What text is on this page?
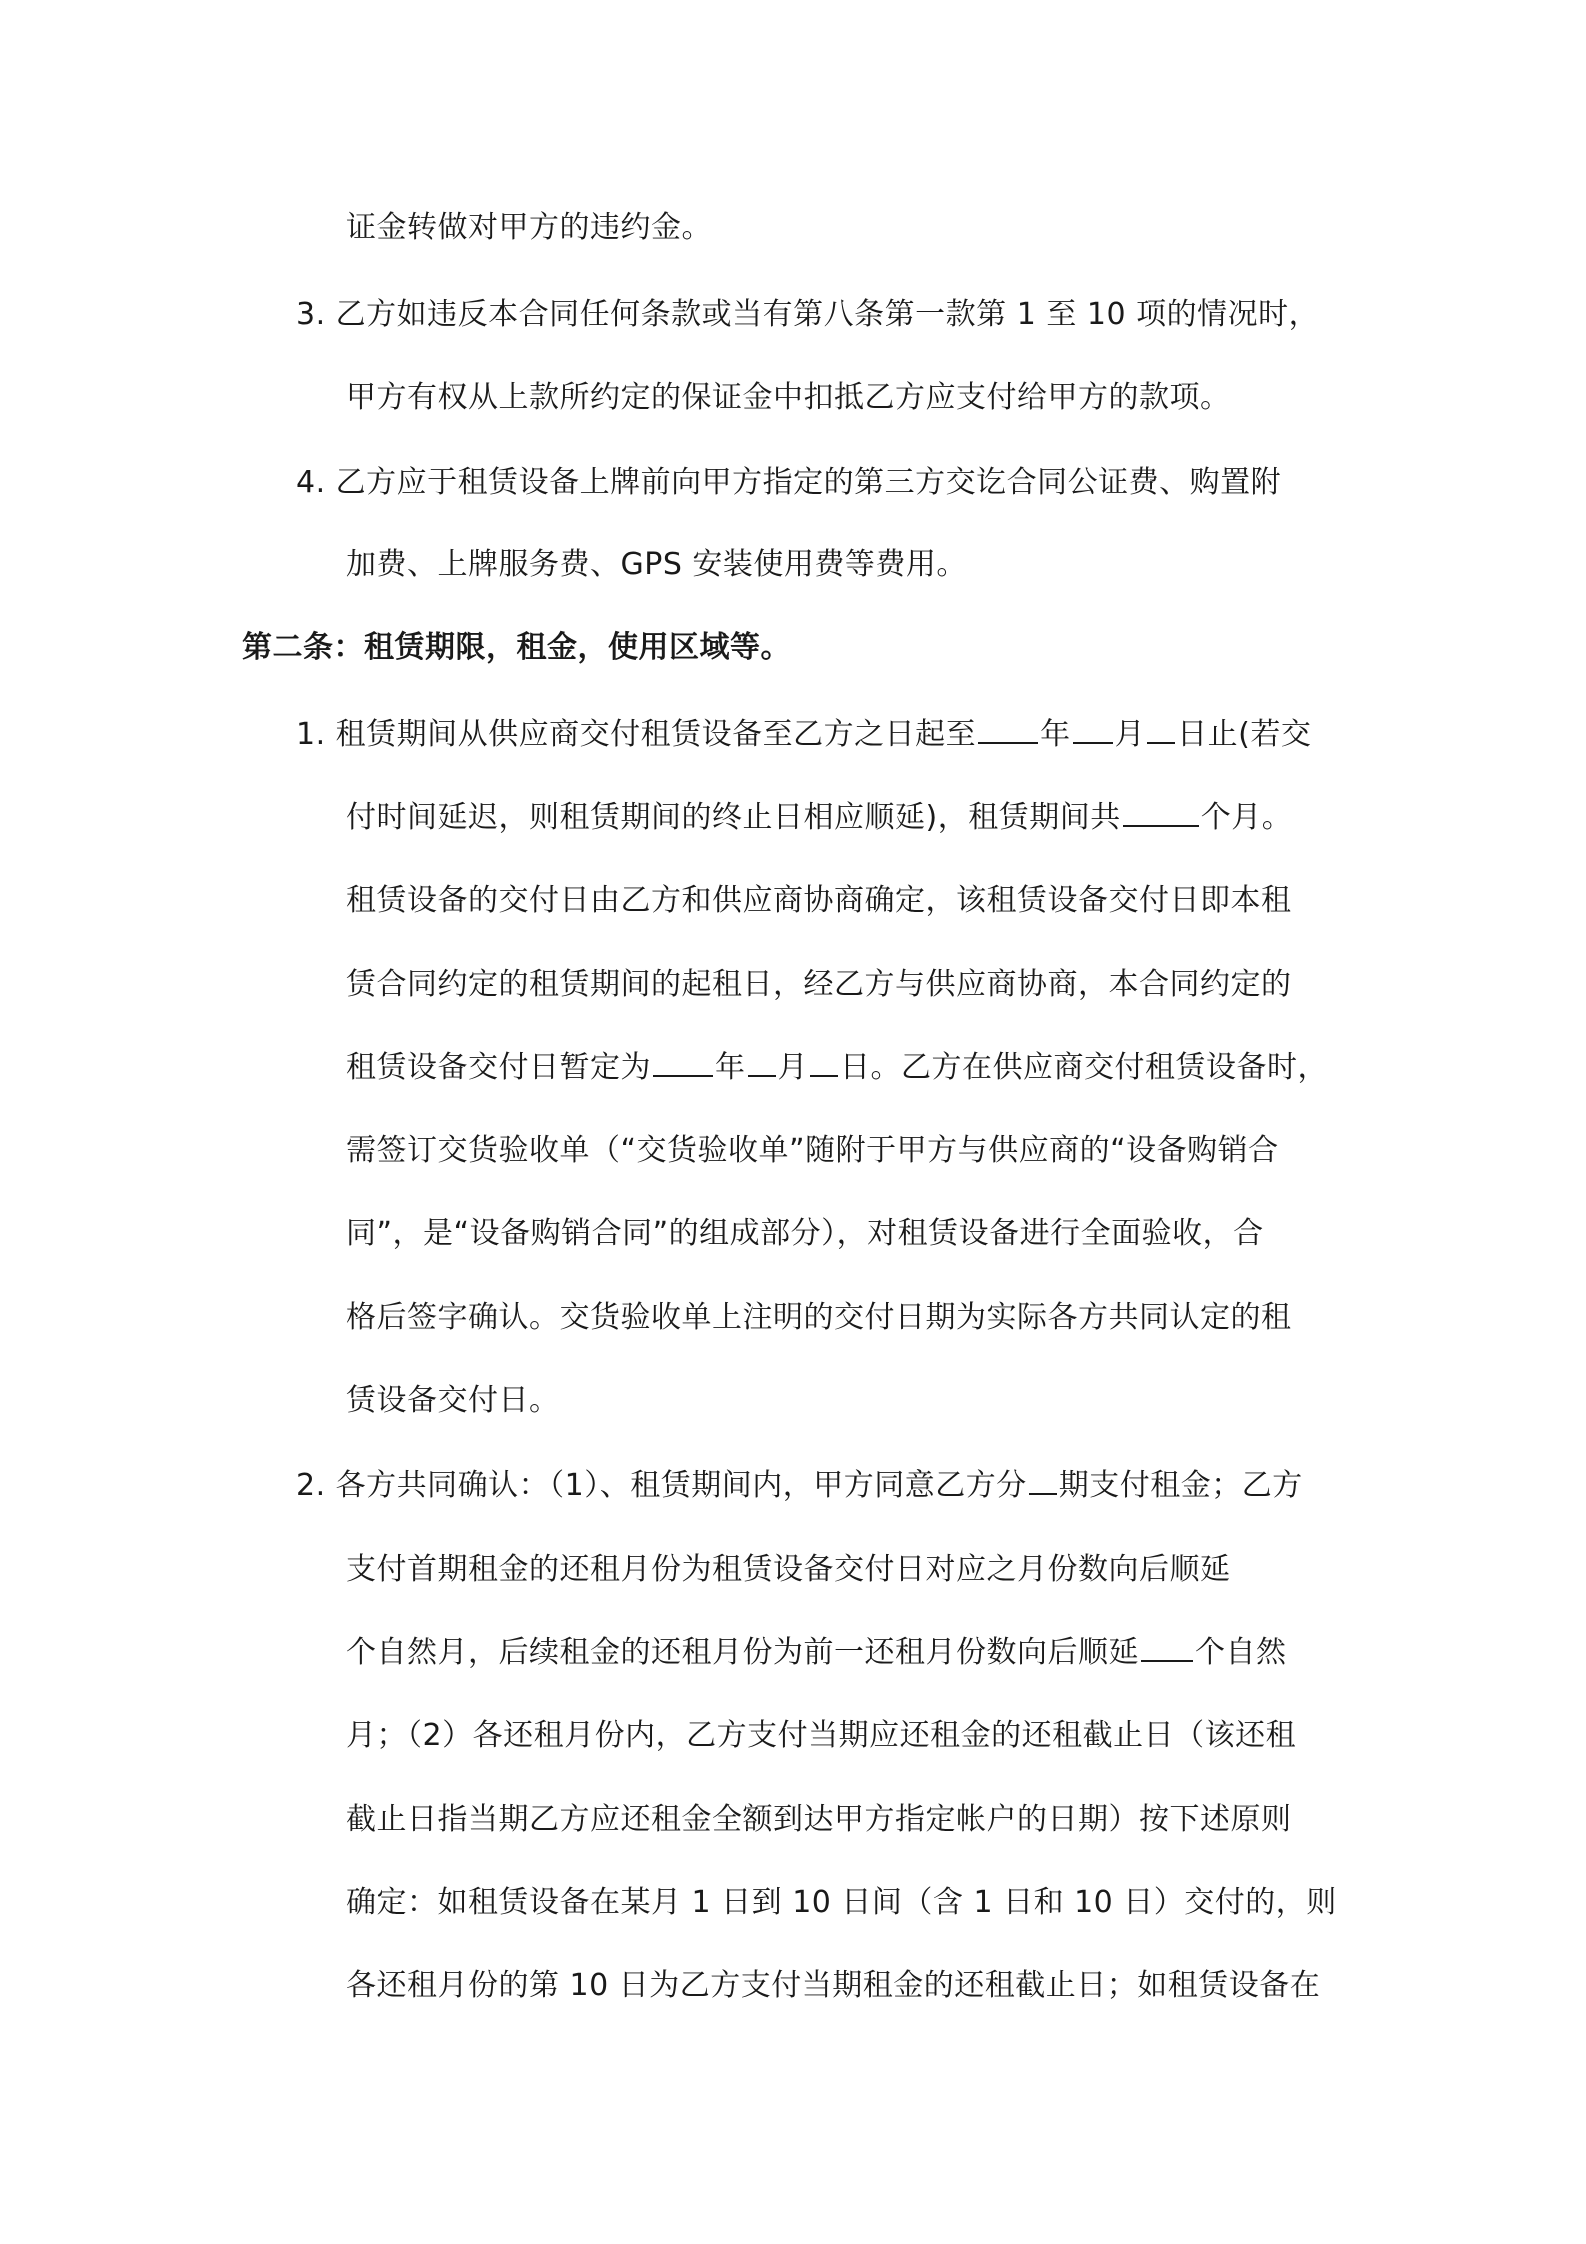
证金转做对甲方的违约金。
3. 乙方如违反本合同任何条款或当有第八条第一款第 1 至 10 项的情况时，
甲方有权从上款所约定的保证金中扣抵乙方应支付给甲方的款项。
4. 乙方应于租赁设备上牌前向甲方指定的第三方交讫合同公证费、购置附
加费、上牌服务费、GPS 安装使用费等费用。
第二条：租赁期限，租金，使用区域等。
1. 租赁期间从供应商交付租赁设备至乙方之日起至 年 月 日止(若交
付时间延迟，则租赁期间的终止日相应顺延)，租赁期间共	个月。
租赁设备的交付日由乙方和供应商协商确定，该租赁设备交付日即本租
赁合同约定的租赁期间的起租日，经乙方与供应商协商，本合同约定的
租赁设备交付日暂定为 年 月 日。乙方在供应商交付租赁设备时，
需签订交货验收单（“交货验收单”随附于甲方与供应商的“设备购销合
同”，是“设备购销合同”的组成部分），对租赁设备进行全面验收，合
格后签字确认。交货验收单上注明的交付日期为实际各方共同认定的租
赁设备交付日。
2. 各方共同确认：（1）、租赁期间内，甲方同意乙方分 期支付租金；乙方
支付首期租金的还租月份为租赁设备交付日对应之月份数向后顺延
个自然月，后续租金的还租月份为前一还租月份数向后顺延 个自然
月；（2）各还租月份内，乙方支付当期应还租金的还租截止日（该还租
截止日指当期乙方应还租金全额到达甲方指定帐户的日期）按下述原则
确定：如租赁设备在某月 1 日到 10 日间（含 1 日和 10 日）交付的，则
各还租月份的第 10 日为乙方支付当期租金的还租截止日；如租赁设备在
